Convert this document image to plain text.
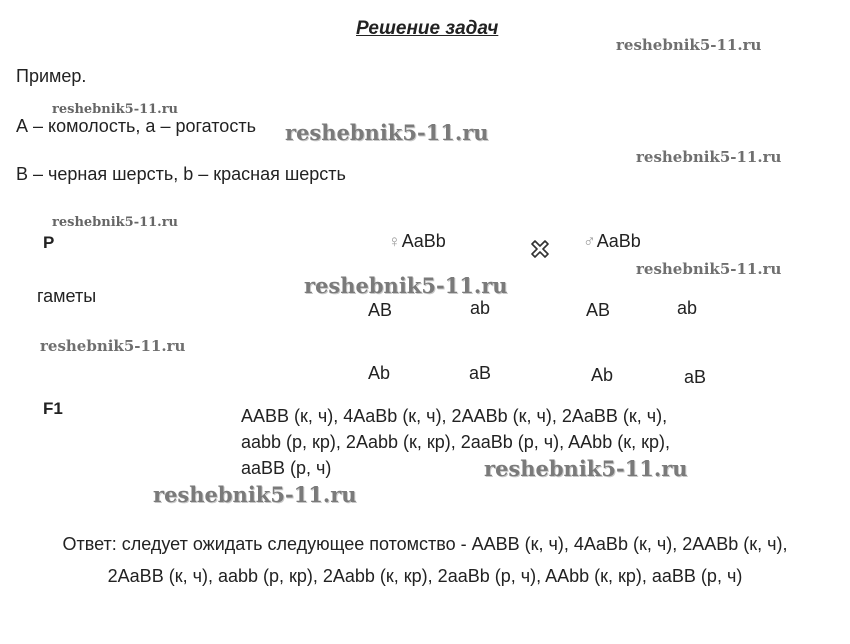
Решение задач
Пример.
А – комолость, а – рогатость
B – черная шерсть, b – красная шерсть
P	♀AaBb	♂AaBb
гаметы
AB	ab	AB	ab
Ab	aB	Ab	aB
F1	AABB (к, ч), 4AaBb (к, ч), 2AABb (к, ч), 2AaBB (к, ч),
aabb (р, кр), 2Aabb (к, кр), 2aaBb (р, ч), AAbb (к, кр),
aaBB (р, ч)
Ответ: следует ожидать следующее потомство - AABB (к, ч), 4AaBb (к, ч), 2AABb (к, ч),
2AaBB (к, ч), aabb (р, кр), 2Aabb (к, кр), 2aaBb (р, ч), AAbb (к, кр), aaBB (р, ч)
reshebnik5-11.ru
reshebnik5-11.ru
reshebnik5-11.ru
reshebnik5-11.ru
reshebnik5-11.ru
reshebnik5-11.ru
reshebnik5-11.ru
reshebnik5-11.ru
reshebnik5-11.ru
reshebnik5-11.ru
